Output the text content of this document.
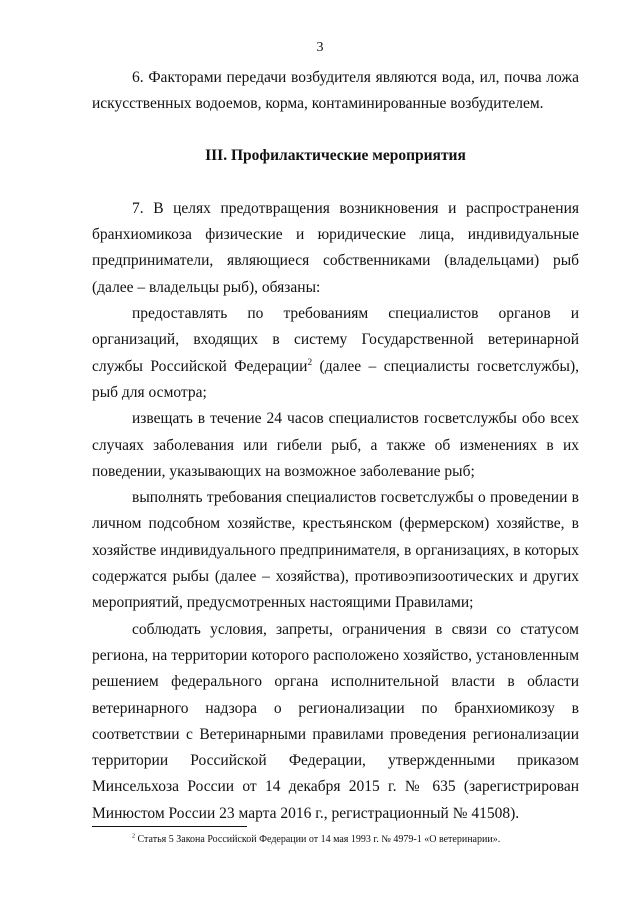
3

6. Факторами передачи возбудителя являются вода, ил, почва ложа искусственных водоемов, корма, контаминированные возбудителем.

III. Профилактические мероприятия

7. В целях предотвращения возникновения и распространения бранхиомикоза физические и юридические лица, индивидуальные предприниматели, являющиеся собственниками (владельцами) рыб (далее – владельцы рыб), обязаны:

предоставлять по требованиям специалистов органов и организаций, входящих в систему Государственной ветеринарной службы Российской Федерации$^2$ (далее – специалисты госветслужбы), рыб для осмотра;

извещать в течение 24 часов специалистов госветслужбы обо всех случаях заболевания или гибели рыб, а также об изменениях в их поведении, указывающих на возможное заболевание рыб;

выполнять требования специалистов госветслужбы о проведении в личном подсобном хозяйстве, крестьянском (фермерском) хозяйстве, в хозяйстве индивидуального предпринимателя, в организациях, в которых содержатся рыбы (далее – хозяйства), противоэпизоотических и других мероприятий, предусмотренных настоящими Правилами;

соблюдать условия, запреты, ограничения в связи со статусом региона, на территории которого расположено хозяйство, установленным решением федерального органа исполнительной власти в области ветеринарного надзора о регионализации по бранхиомикозу в соответствии с Ветеринарными правилами проведения регионализации территории Российской Федерации, утвержденными приказом Минсельхоза России от 14 декабря 2015 г. № 635 (зарегистрирован Минюстом России 23 марта 2016 г., регистрационный № 41508).

$^2$ Статья 5 Закона Российской Федерации от 14 мая 1993 г. № 4979-1 «О ветеринарии».
